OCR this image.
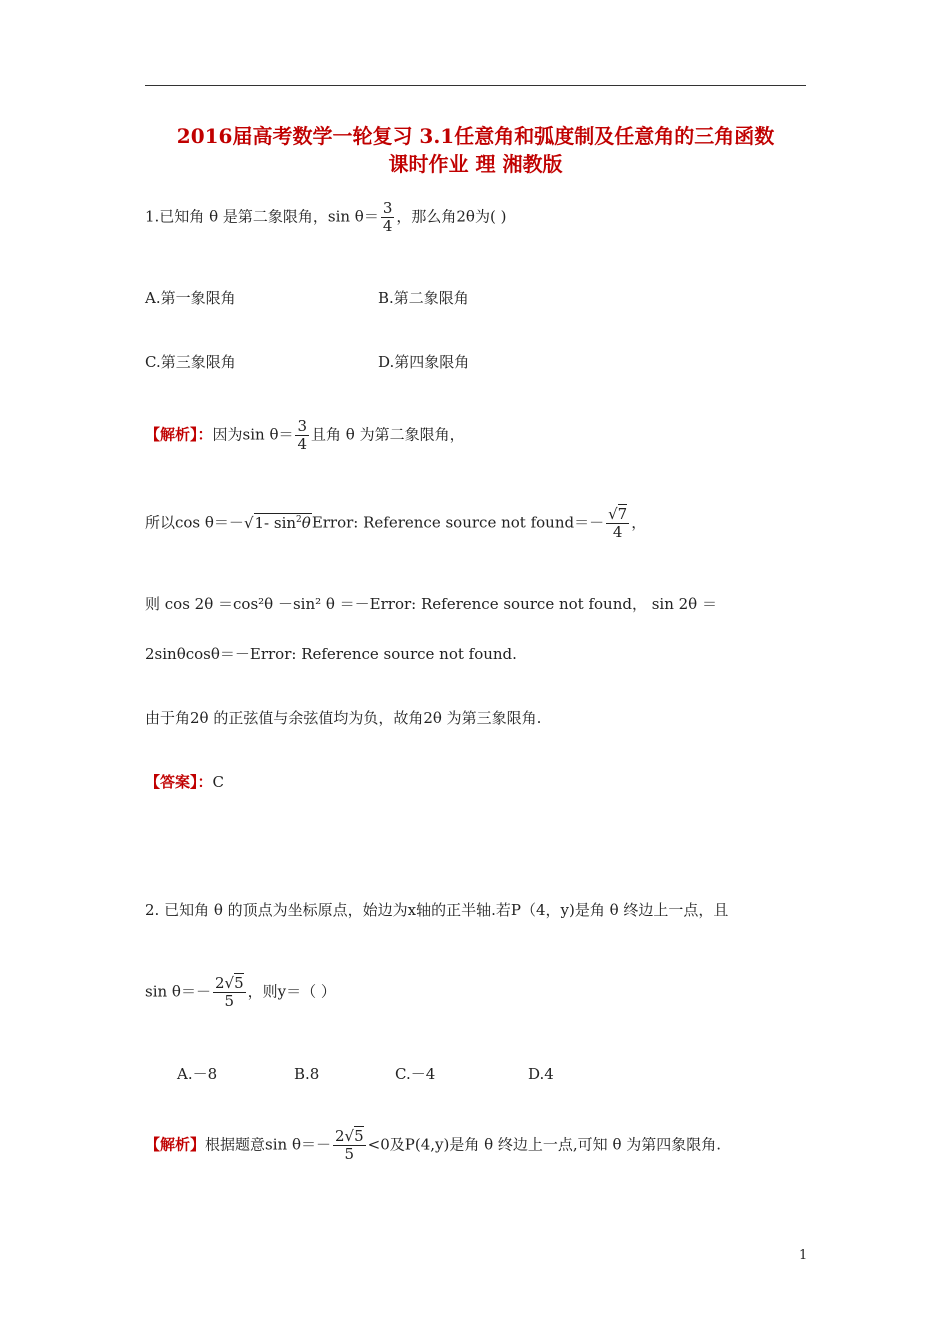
2016届高考数学一轮复习 3.1任意角和弧度制及任意角的三角函数
课时作业 理 湘教版
1.已知角 θ 是第二象限角，$\sin \theta= \frac{3}{4}$ ，那么角2θ为( )
A.第一象限角	B.第二象限角
C.第三象限角	D.第四象限角
【解析】：因为$\sin \theta= \frac{3}{4}$ 且角 θ 为第二象限角，
所以cos θ＝－√1- $\sin^2\theta Error$: Reference source not found＝－ $\frac{√7}{4}$ ，
则 cos 2θ ＝cos²θ －sin² θ ＝－Error: Reference source not found， sin 2θ ＝
2sinθcosθ＝－Error: Reference source not found.
由于角2θ 的正弦值与余弦值均为负，故角2θ 为第三象限角.
【答案】：C
2. 已知角 θ 的顶点为坐标原点，始边为x轴的正半轴.若P（4，y)是角 θ 终边上一点，且
$\sin \theta=- \frac{2√5}{5}$ ，则y＝（ ）
A.－8	B.8	C.－4	D.4
【解析】根据题意$\sin \theta=- \frac{2√5}{5} <0$及P(4,y)是角 θ 终边上一点,可知 θ 为第四象限角.
1
